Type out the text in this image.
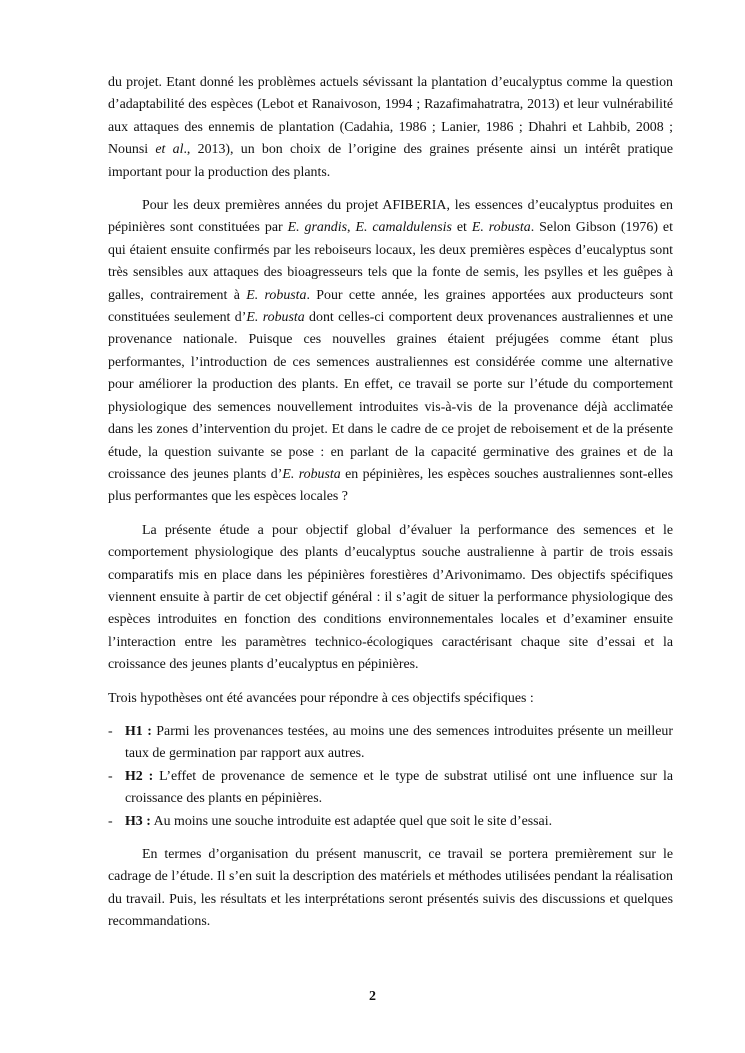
du projet. Etant donné les problèmes actuels sévissant la plantation d’eucalyptus comme la question d’adaptabilité des espèces (Lebot et Ranaivoson, 1994 ; Razafimahatratra, 2013) et leur vulnérabilité aux attaques des ennemis de plantation (Cadahia, 1986 ; Lanier, 1986 ; Dhahri et Lahbib, 2008 ; Nounsi et al., 2013), un bon choix de l’origine des graines présente ainsi un intérêt pratique important pour la production des plants.

Pour les deux premières années du projet AFIBERIA, les essences d’eucalyptus produites en pépinières sont constituées par E. grandis, E. camaldulensis et E. robusta. Selon Gibson (1976) et qui étaient ensuite confirmés par les reboiseurs locaux, les deux premières espèces d’eucalyptus sont très sensibles aux attaques des bioagresseurs tels que la fonte de semis, les psylles et les guêpes à galles, contrairement à E. robusta. Pour cette année, les graines apportées aux producteurs sont constituées seulement d’E. robusta dont celles-ci comportent deux provenances australiennes et une provenance nationale. Puisque ces nouvelles graines étaient préjugées comme étant plus performantes, l’introduction de ces semences australiennes est considérée comme une alternative pour améliorer la production des plants. En effet, ce travail se porte sur l’étude du comportement physiologique des semences nouvellement introduites vis-à-vis de la provenance déjà acclimatée dans les zones d’intervention du projet. Et dans le cadre de ce projet de reboisement et de la présente étude, la question suivante se pose : en parlant de la capacité germinative des graines et de la croissance des jeunes plants d’E. robusta en pépinières, les espèces souches australiennes sont-elles plus performantes que les espèces locales ?

La présente étude a pour objectif global d’évaluer la performance des semences et le comportement physiologique des plants d’eucalyptus souche australienne à partir de trois essais comparatifs mis en place dans les pépinières forestières d’Arivonimamo. Des objectifs spécifiques viennent ensuite à partir de cet objectif général : il s’agit de situer la performance physiologique des espèces introduites en fonction des conditions environnementales locales et d’examiner ensuite l’interaction entre les paramètres technico-écologiques caractérisant chaque site d’essai et la croissance des jeunes plants d’eucalyptus en pépinières.

Trois hypothèses ont été avancées pour répondre à ces objectifs spécifiques :

- H1 : Parmi les provenances testées, au moins une des semences introduites présente un meilleur taux de germination par rapport aux autres.
- H2 : L’effet de provenance de semence et le type de substrat utilisé ont une influence sur la croissance des plants en pépinières.
- H3 : Au moins une souche introduite est adaptée quel que soit le site d’essai.

En termes d’organisation du présent manuscrit, ce travail se portera premièrement sur le cadrage de l’étude. Il s’en suit la description des matériels et méthodes utilisées pendant la réalisation du travail. Puis, les résultats et les interprétations seront présentés suivis des discussions et quelques recommandations.

2
